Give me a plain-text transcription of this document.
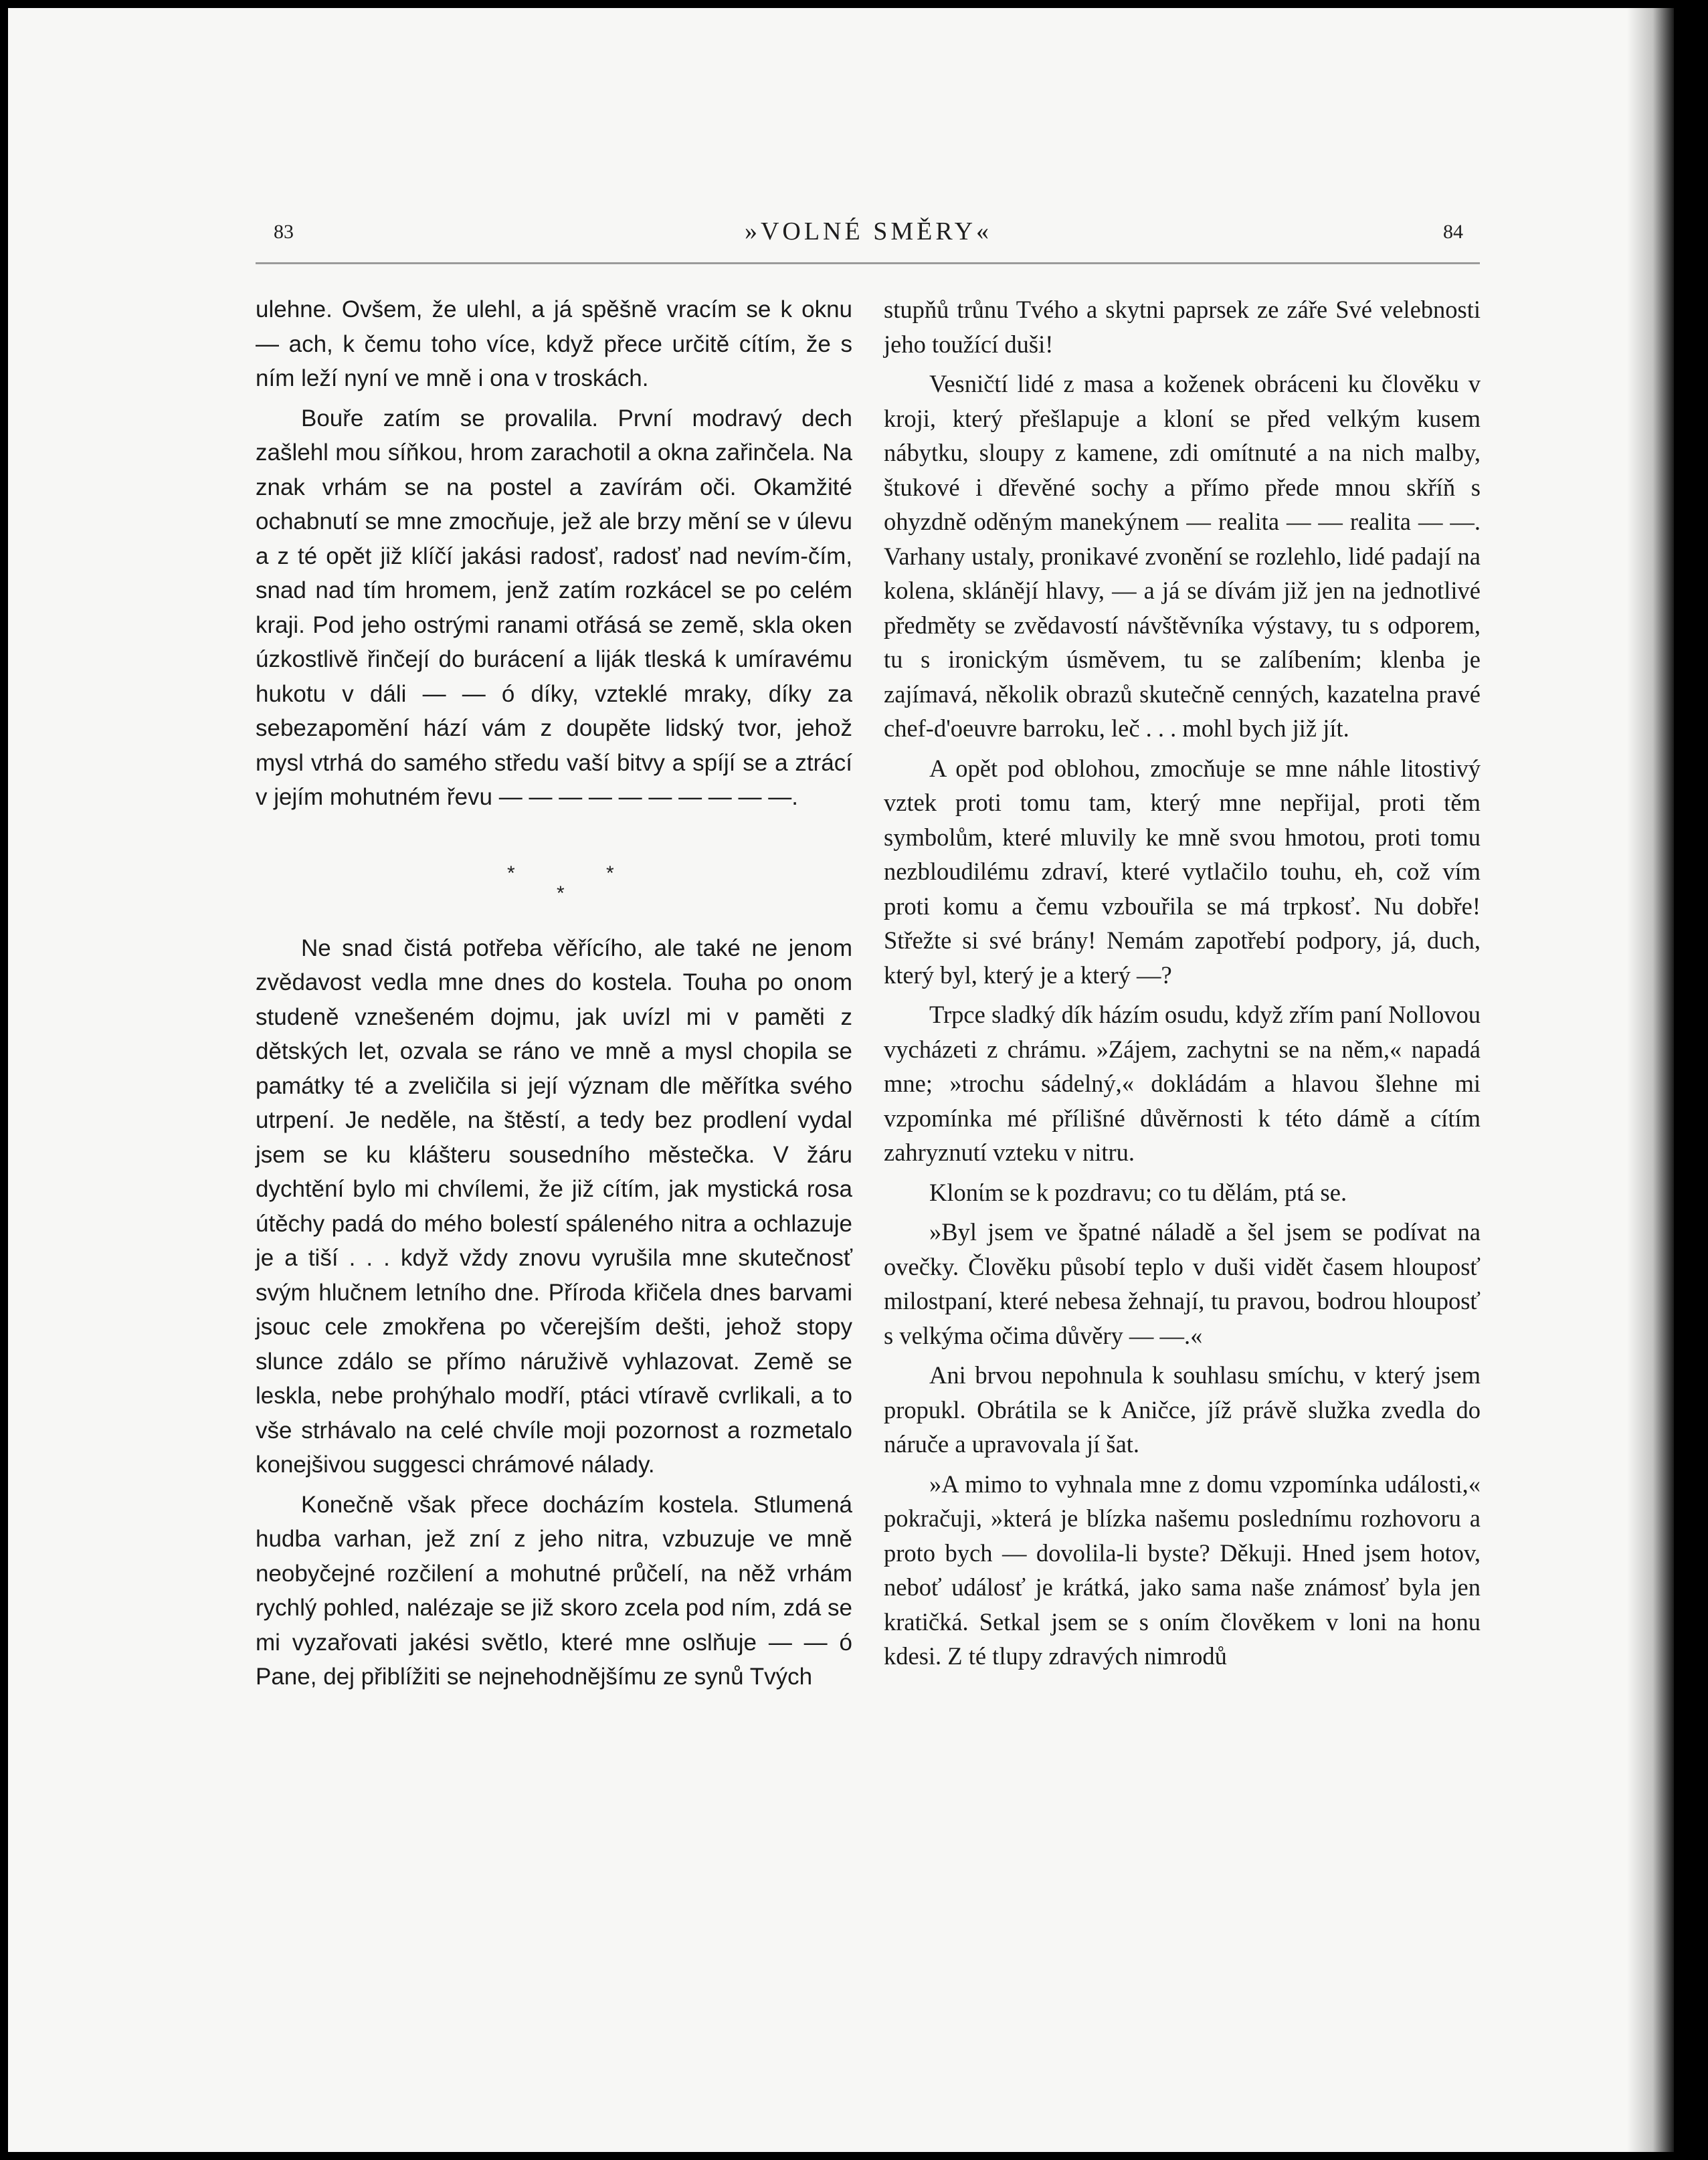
83	»VOLNÉ SMĚRY«	84

ulehne. Ovšem, že ulehl, a já spěšně vracím se k oknu — ach, k čemu toho více, když přece určitě cítím, že s ním leží nyní ve mně i ona v troskách.

Bouře zatím se provalila. První modravý dech zašlehl mou síňkou, hrom zarachotil a okna zařinčela. Na znak vrhám se na postel a zavírám oči. Okamžité ochabnutí se mne zmocňuje, jež ale brzy mění se v úlevu a z té opět již klíčí jakási radosť, radosť nad nevím-čím, snad nad tím hromem, jenž zatím rozkácel se po celém kraji. Pod jeho ostrými ranami otřásá se země, skla oken úzkostlivě řinčejí do burácení a liják tleská k umíravému hukotu v dáli — — ó díky, vzteklé mraky, díky za sebezapomění hází vám z doupěte lidský tvor, jehož mysl vtrhá do samého středu vaší bitvy a spíjí se a ztrácí v jejím mohutném řevu — — — — — — — — — —.

*	*
*

Ne snad čistá potřeba věřícího, ale také ne jenom zvědavost vedla mne dnes do kostela. Touha po onom studeně vznešeném dojmu, jak uvízl mi v paměti z dětských let, ozvala se ráno ve mně a mysl chopila se památky té a zveličila si její význam dle měřítka svého utrpení. Je neděle, na štěstí, a tedy bez prodlení vydal jsem se ku klášteru sousedního městečka. V žáru dychtění bylo mi chvílemi, že již cítím, jak mystická rosa útěchy padá do mého bolestí spáleného nitra a ochlazuje je a tiší . . . když vždy znovu vyrušila mne skutečnosť svým hlučnem letního dne. Příroda křičela dnes barvami jsouc cele zmokřena po včerejším dešti, jehož stopy slunce zdálo se přímo náruživě vyhlazovat. Země se leskla, nebe prohýhalo modří, ptáci vtíravě cvrlikali, a to vše strhávalo na celé chvíle moji pozornost a rozmetalo konejšivou suggesci chrámové nálady.

Konečně však přece docházím kostela. Stlumená hudba varhan, jež zní z jeho nitra, vzbuzuje ve mně neobyčejné rozčilení a mohutné průčelí, na něž vrhám rychlý pohled, nalézaje se již skoro zcela pod ním, zdá se mi vyzařovati jakési světlo, které mne oslňuje — — ó Pane, dej přiblížiti se nejnehodnějšímu ze synů Tvých

stupňů trůnu Tvého a skytni paprsek ze záře Své velebnosti jeho toužící duši!

Vesničtí lidé z masa a koženek obráceni ku člověku v kroji, který přešlapuje a klonί se před velkým kusem nábytku, sloupy z kamene, zdi omítnuté a na nich malby, štukové i dřevěné sochy a přímo přede mnou skříň s ohyzdně oděným manekýnem — realita — — realita — —. Varhany ustaly, pronikavé zvonění se rozlehlo, lidé padají na kolena, sklánějí hlavy, — a já se dívám již jen na jednotlivé předměty se zvědavostí návštěvníka výstavy, tu s odporem, tu s ironickým úsměvem, tu se zalíbením; klenba je zajímavá, několik obrazů skutečně cenných, kazatelna pravé chef-d'oeuvre barroku, leč . . . mohl bych již jít.

A opět pod oblohou, zmocňuje se mne náhle litostivý vztek proti tomu tam, který mne nepřijal, proti těm symbolům, které mluvily ke mně svou hmotou, proti tomu nezbloudilému zdraví, které vytlačilo touhu, eh, což vím proti komu a čemu vzbouřila se má trpkosť. Nu dobře! Střežte si své brány! Nemám zapotřebí podpory, já, duch, který byl, který je a který —?

Trpce sladký dík házím osudu, když zřím paní Nollovou vycházeti z chrámu. »Zájem, zachytni se na něm,« napadá mne; »trochu sádelný,« dokládám a hlavou šlehne mi vzpomínka mé přílišné důvěrnosti k této dámě a cítím zahryznutí vzteku v nitru.

Klonίm se k pozdravu; co tu dělám, ptá se.

»Byl jsem ve špatné náladě a šel jsem se podívat na ovečky. Člověku působí teplo v duši vidět časem hlouposť milostpaní, které nebesa žehnají, tu pravou, bodrou hlouposť s velkýma očima důvěry — —.«

Ani brvou nepohnula k souhlasu smíchu, v který jsem propukl. Obrátila se k Aničce, jíž právě služka zvedla do náruče a upravovala jí šat.

»A mimo to vyhnala mne z domu vzpomínka události,« pokračuji, »která je blízka našemu poslednímu rozhovoru a proto bych — dovolila-li byste? Děkuji. Hned jsem hotov, neboť událosť je krátká, jako sama naše známosť byla jen kratičká. Setkal jsem se s oním člověkem v loni na honu kdesi. Z té tlupy zdravých nimrodů
